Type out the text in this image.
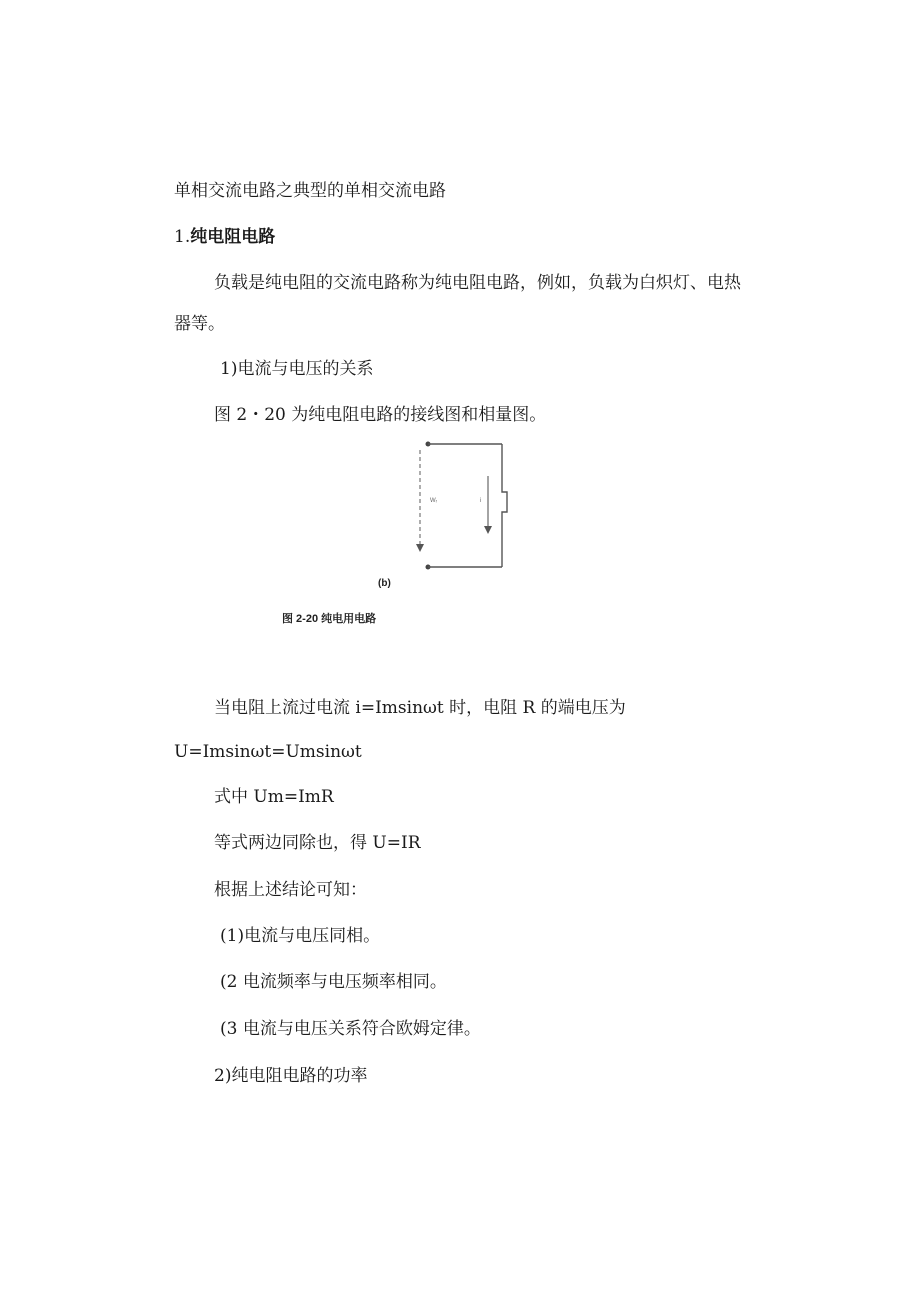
单相交流电路之典型的单相交流电路
1.纯电阻电路
负载是纯电阻的交流电路称为纯电阻电路，例如，负载为白炽灯、电热
器等。
1)电流与电压的关系
图 2・20 为纯电阻电路的接线图和相量图。
Wᵣ	i
(b)
图 2-20 纯电用电路
当电阻上流过电流 i=Imsinωt 时，电阻 R 的端电压为
U=Imsinωt=Umsinωt
式中 Um=ImR
等式两边同除也，得 U=IR
根据上述结论可知：
(1)电流与电压同相。
(2 电流频率与电压频率相同。
(3 电流与电压关系符合欧姆定律。
2)纯电阻电路的功率
